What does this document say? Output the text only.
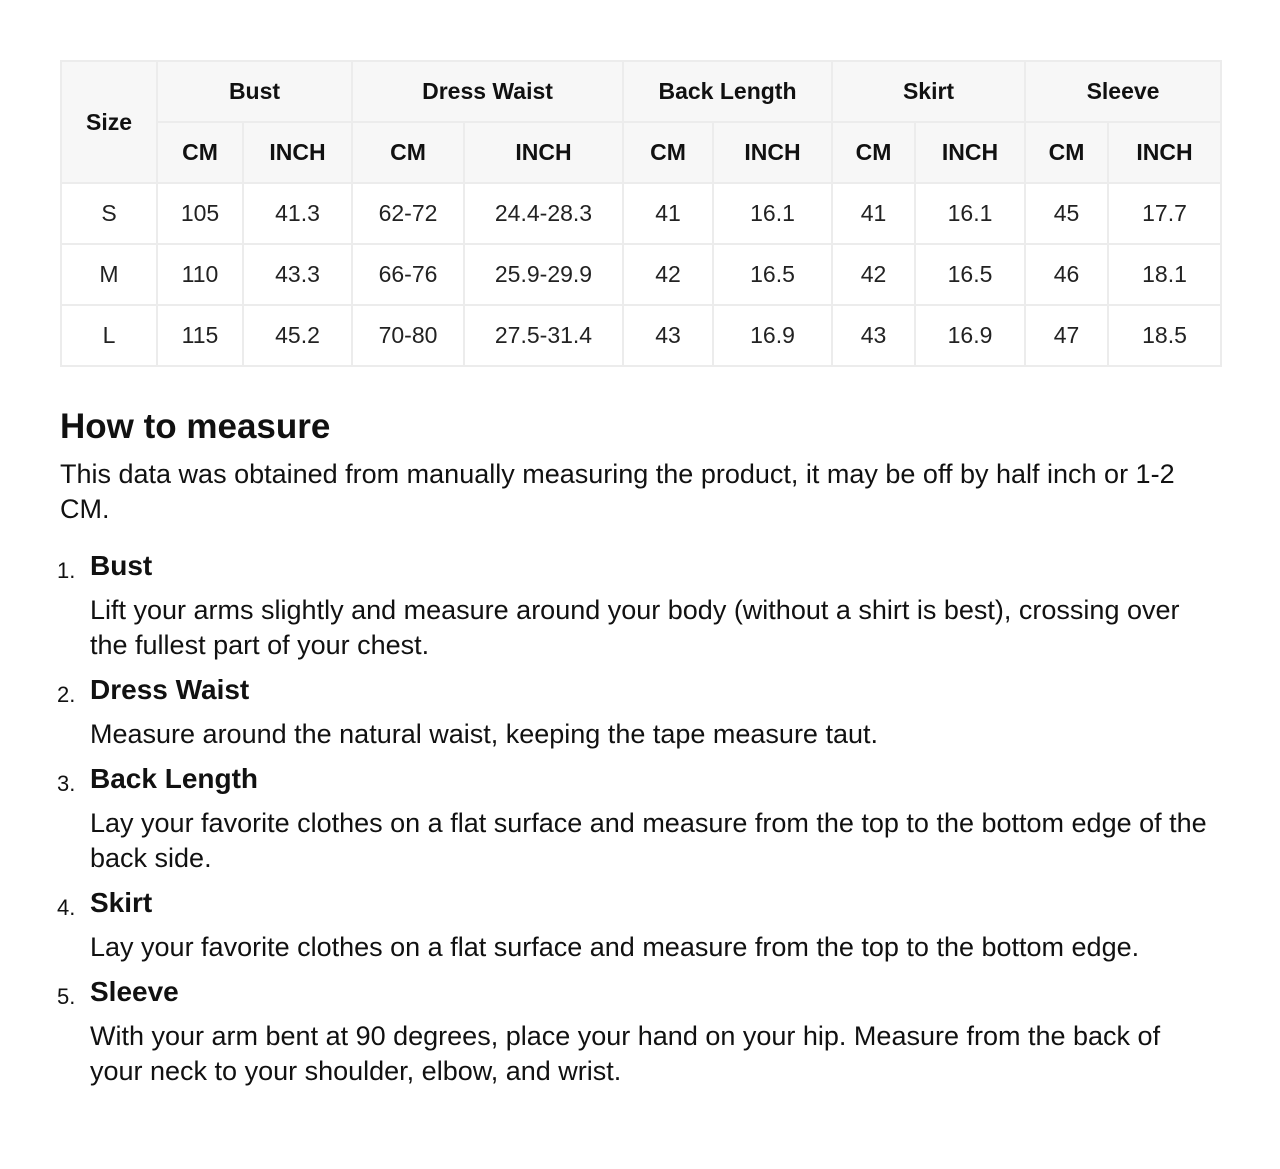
Size	Bust		Dress Waist		Back Length		Skirt		Sleeve	
	CM	INCH	CM	INCH	CM	INCH	CM	INCH	CM	INCH
S	105	41.3	62-72	24.4-28.3	41	16.1	41	16.1	45	17.7
M	110	43.3	66-76	25.9-29.9	42	16.5	42	16.5	46	18.1
L	115	45.2	70-80	27.5-31.4	43	16.9	43	16.9	47	18.5
How to measure

This data was obtained from manually measuring the product, it may be off by half inch or 1-2 CM.

1. Bust
Lift your arms slightly and measure around your body (without a shirt is best), crossing over the fullest part of your chest.
2. Dress Waist
Measure around the natural waist, keeping the tape measure taut.
3. Back Length
Lay your favorite clothes on a flat surface and measure from the top to the bottom edge of the back side.
4. Skirt
Lay your favorite clothes on a flat surface and measure from the top to the bottom edge.
5. Sleeve
With your arm bent at 90 degrees, place your hand on your hip. Measure from the back of your neck to your shoulder, elbow, and wrist.
